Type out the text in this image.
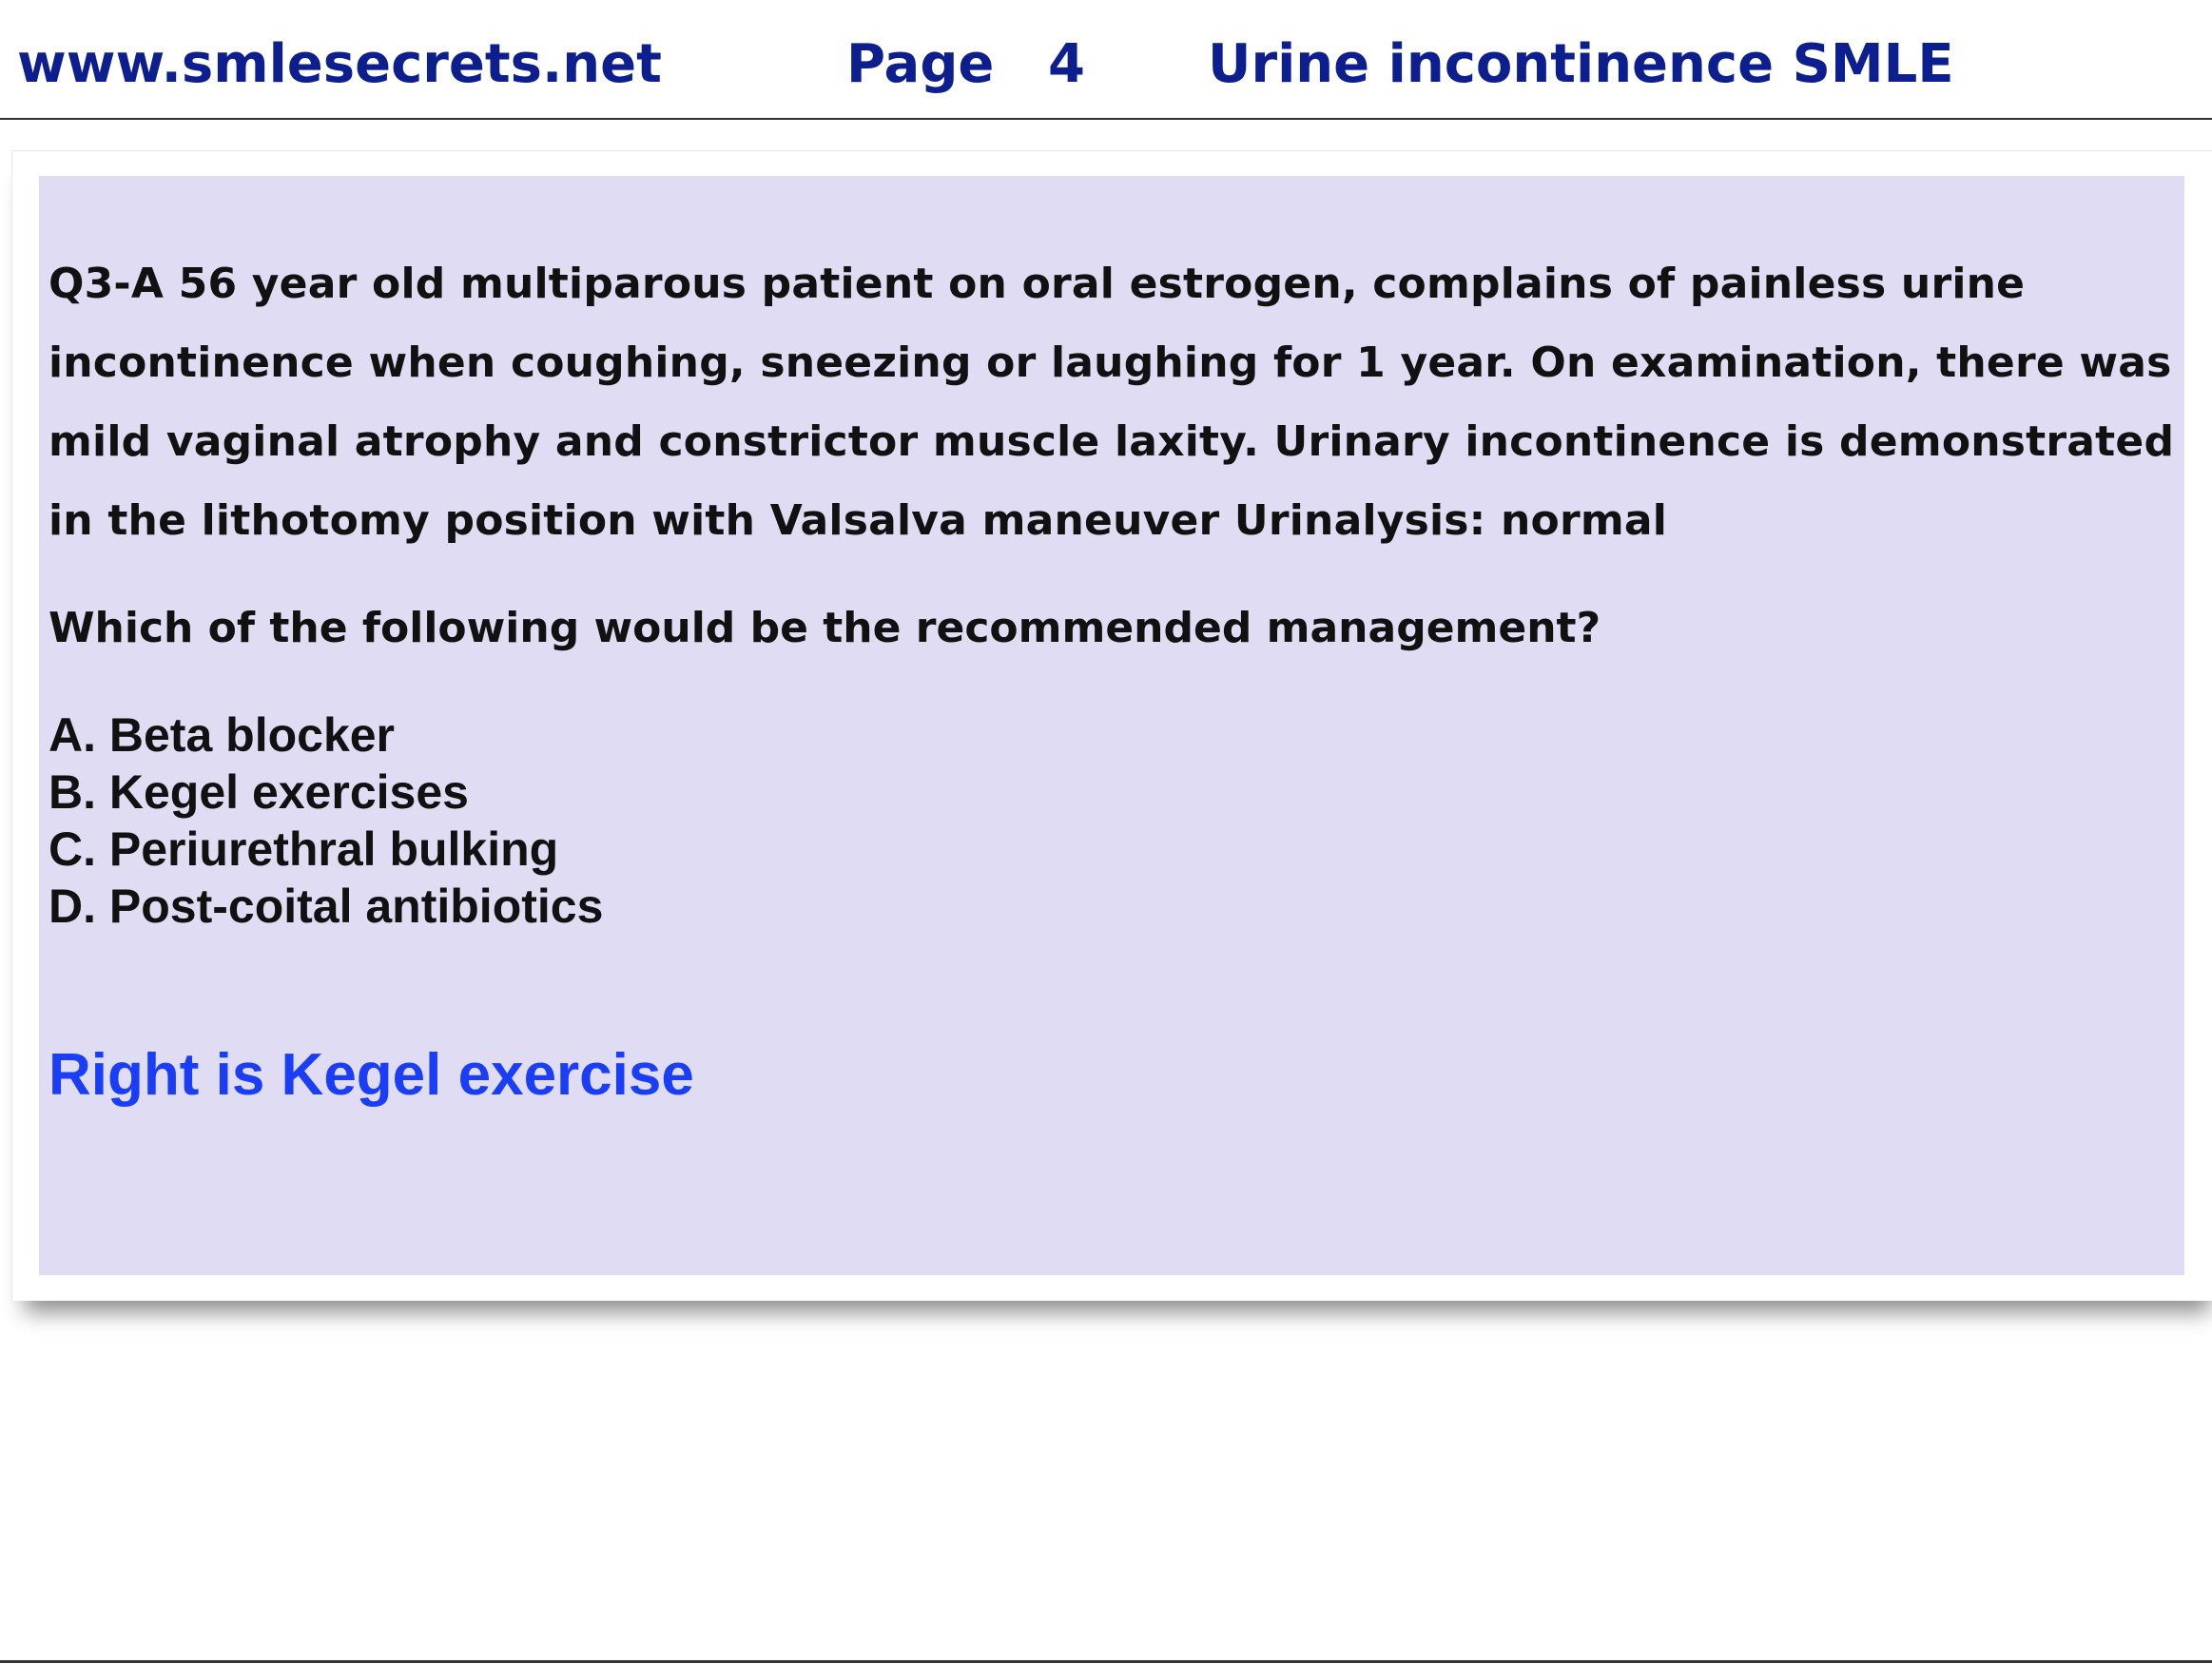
www.smlesecrets.net	Page 4 Urine incontinence SMLE

Q3-A 56 year old multiparous patient on oral estrogen, complains of painless urine incontinence when coughing, sneezing or laughing for 1 year. On examination, there was mild vaginal atrophy and constrictor muscle laxity. Urinary incontinence is demonstrated in the lithotomy position with Valsalva maneuver Urinalysis: normal

Which of the following would be the recommended management?

A. Beta blocker
B. Kegel exercises
C. Periurethral bulking
D. Post-coital antibiotics

Right is Kegel exercise
